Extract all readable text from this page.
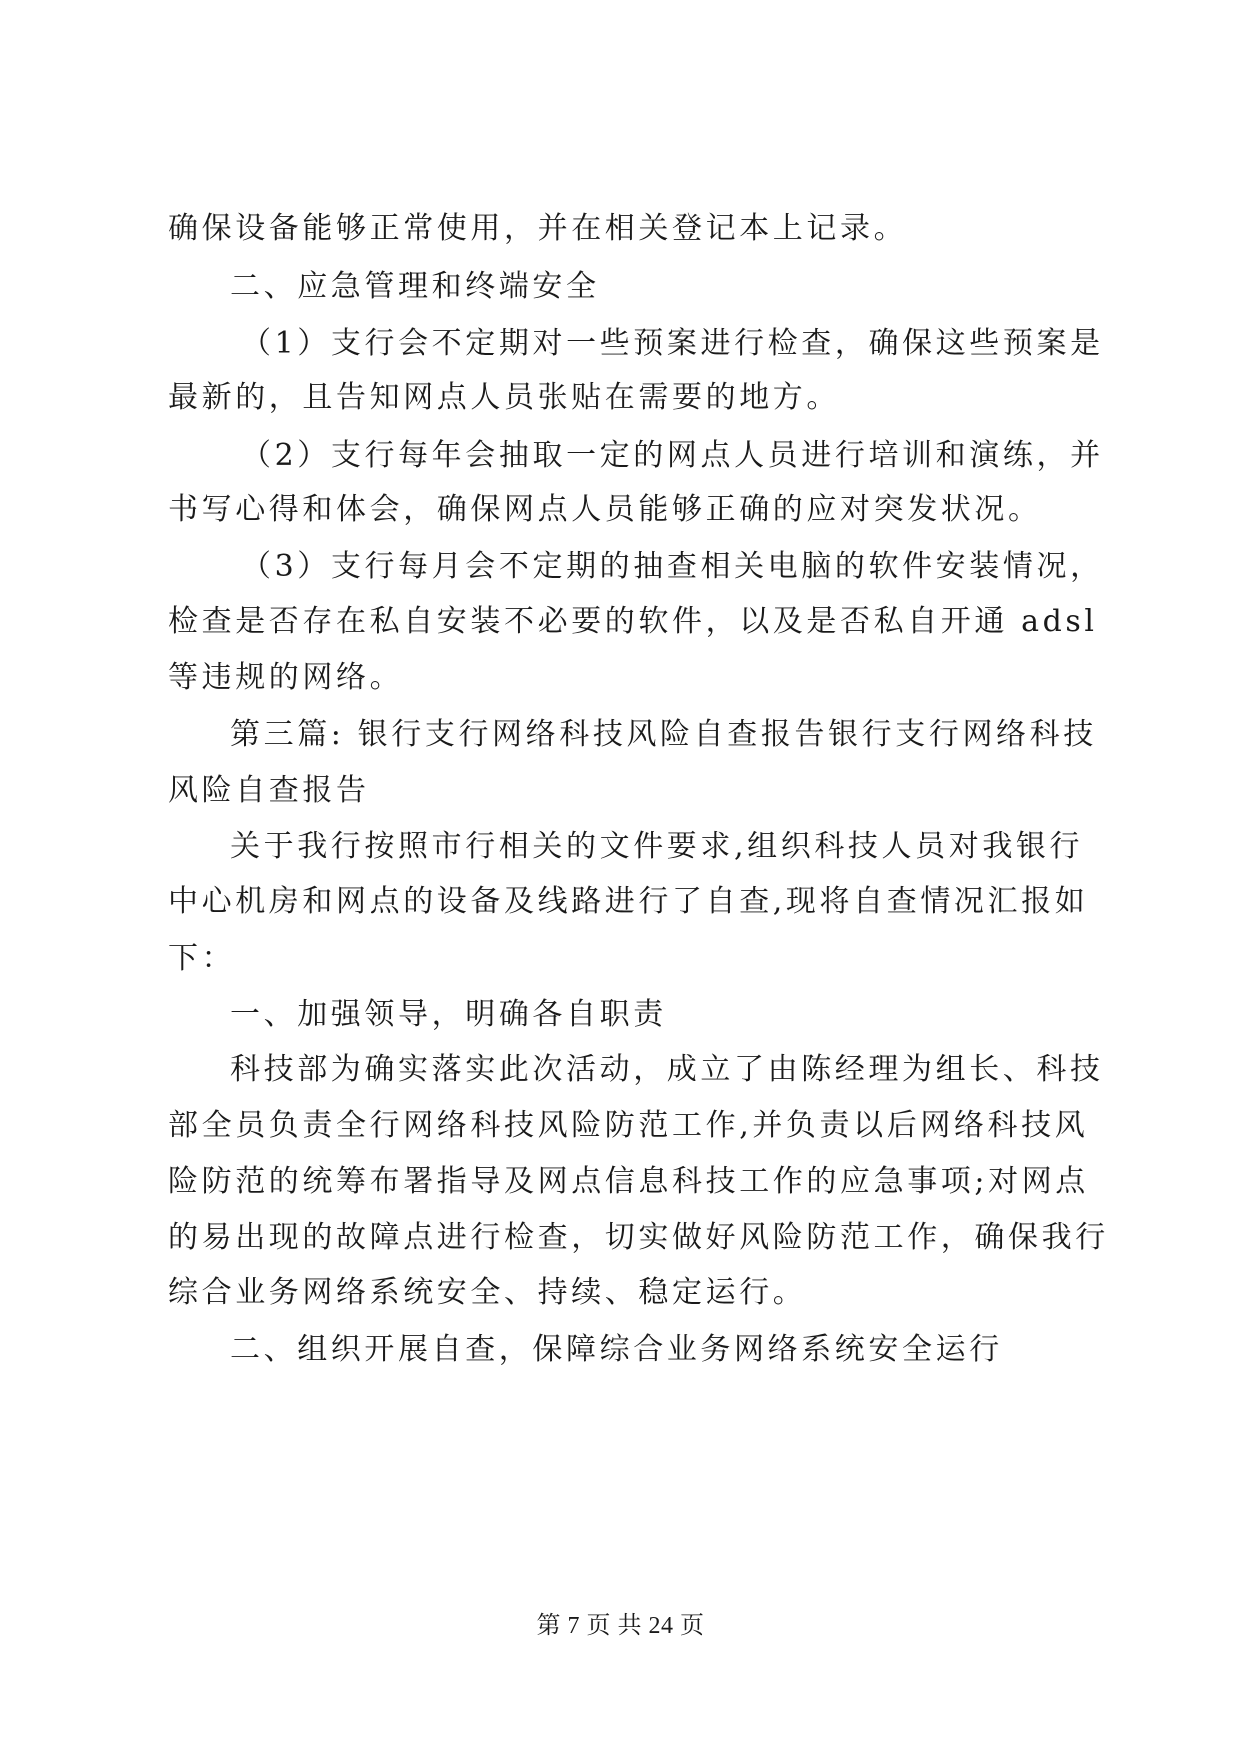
确保设备能够正常使用，并在相关登记本上记录。
二、应急管理和终端安全
（1）支行会不定期对一些预案进行检查，确保这些预案是
最新的，且告知网点人员张贴在需要的地方。
（2）支行每年会抽取一定的网点人员进行培训和演练，并
书写心得和体会，确保网点人员能够正确的应对突发状况。
（3）支行每月会不定期的抽查相关电脑的软件安装情况，
检查是否存在私自安装不必要的软件，以及是否私自开通 adsl
等违规的网络。
第三篇: 银行支行网络科技风险自查报告银行支行网络科技
风险自查报告
关于我行按照市行相关的文件要求,组织科技人员对我银行
中心机房和网点的设备及线路进行了自查,现将自查情况汇报如
下：
一、加强领导，明确各自职责
科技部为确实落实此次活动，成立了由陈经理为组长、科技
部全员负责全行网络科技风险防范工作,并负责以后网络科技风
险防范的统筹布署指导及网点信息科技工作的应急事项;对网点
的易出现的故障点进行检查，切实做好风险防范工作，确保我行
综合业务网络系统安全、持续、稳定运行。
二、组织开展自查，保障综合业务网络系统安全运行
第 7 页 共 24 页
